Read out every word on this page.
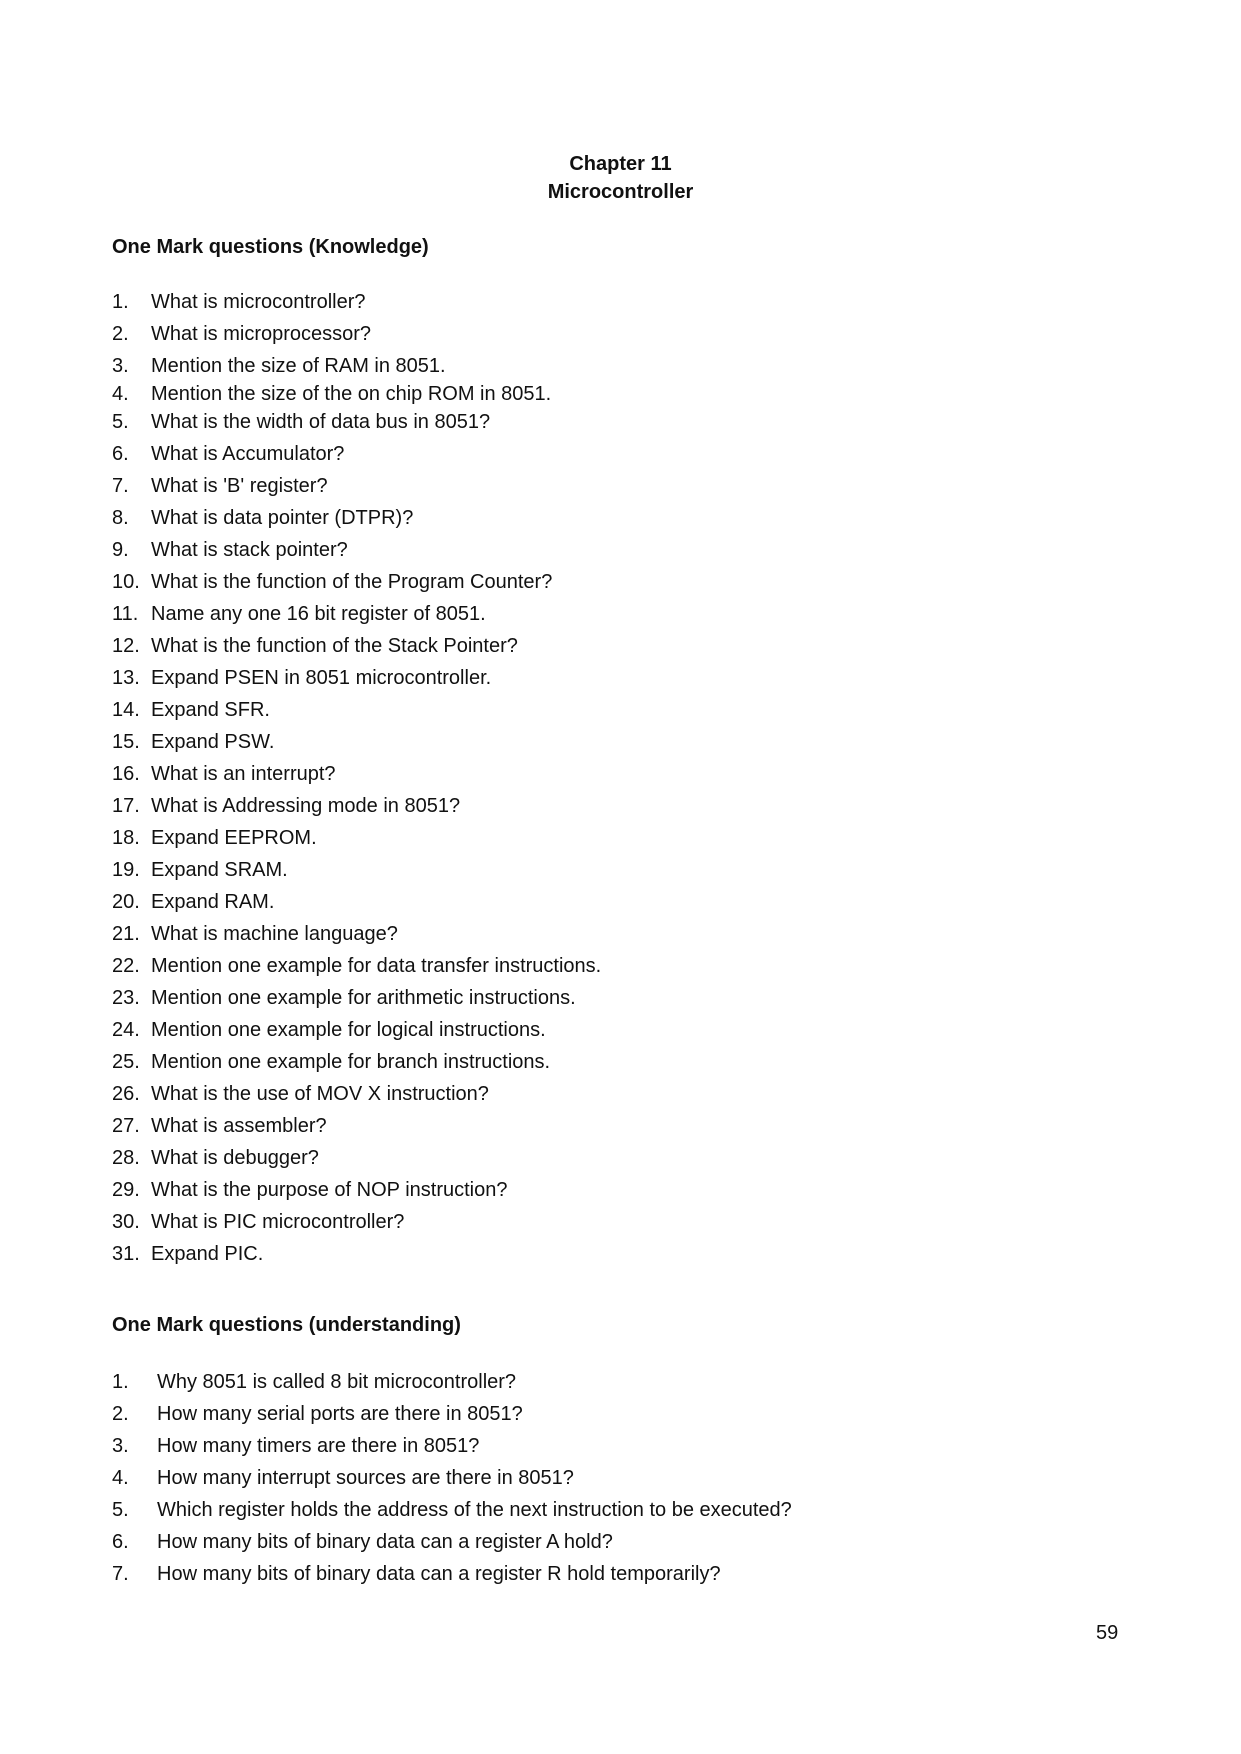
Chapter 11
Microcontroller
One Mark questions (Knowledge)
1. What is microcontroller?
2. What is microprocessor?
3. Mention the size of RAM in 8051.
4. Mention the size of the on chip ROM in 8051.
5. What is the width of data bus in 8051?
6. What is Accumulator?
7. What is 'B' register?
8. What is data pointer (DTPR)?
9. What is stack pointer?
10. What is the function of the Program Counter?
11. Name any one 16 bit register of 8051.
12. What is the function of the Stack Pointer?
13. Expand PSEN in 8051 microcontroller.
14. Expand SFR.
15. Expand PSW.
16. What is an interrupt?
17. What is Addressing mode in 8051?
18. Expand EEPROM.
19. Expand SRAM.
20. Expand RAM.
21. What is machine language?
22. Mention one example for data transfer instructions.
23. Mention one example for arithmetic instructions.
24. Mention one example for logical instructions.
25. Mention one example for branch instructions.
26. What is the use of MOV X instruction?
27. What is assembler?
28. What is debugger?
29. What is the purpose of NOP instruction?
30. What is PIC microcontroller?
31. Expand PIC.
One Mark questions (understanding)
1. Why 8051 is called 8 bit microcontroller?
2. How many serial ports are there in 8051?
3. How many timers are there in 8051?
4. How many interrupt sources are there in 8051?
5. Which register holds the address of the next instruction to be executed?
6. How many bits of binary data can a register A hold?
7. How many bits of binary data can a register R hold temporarily?
59
